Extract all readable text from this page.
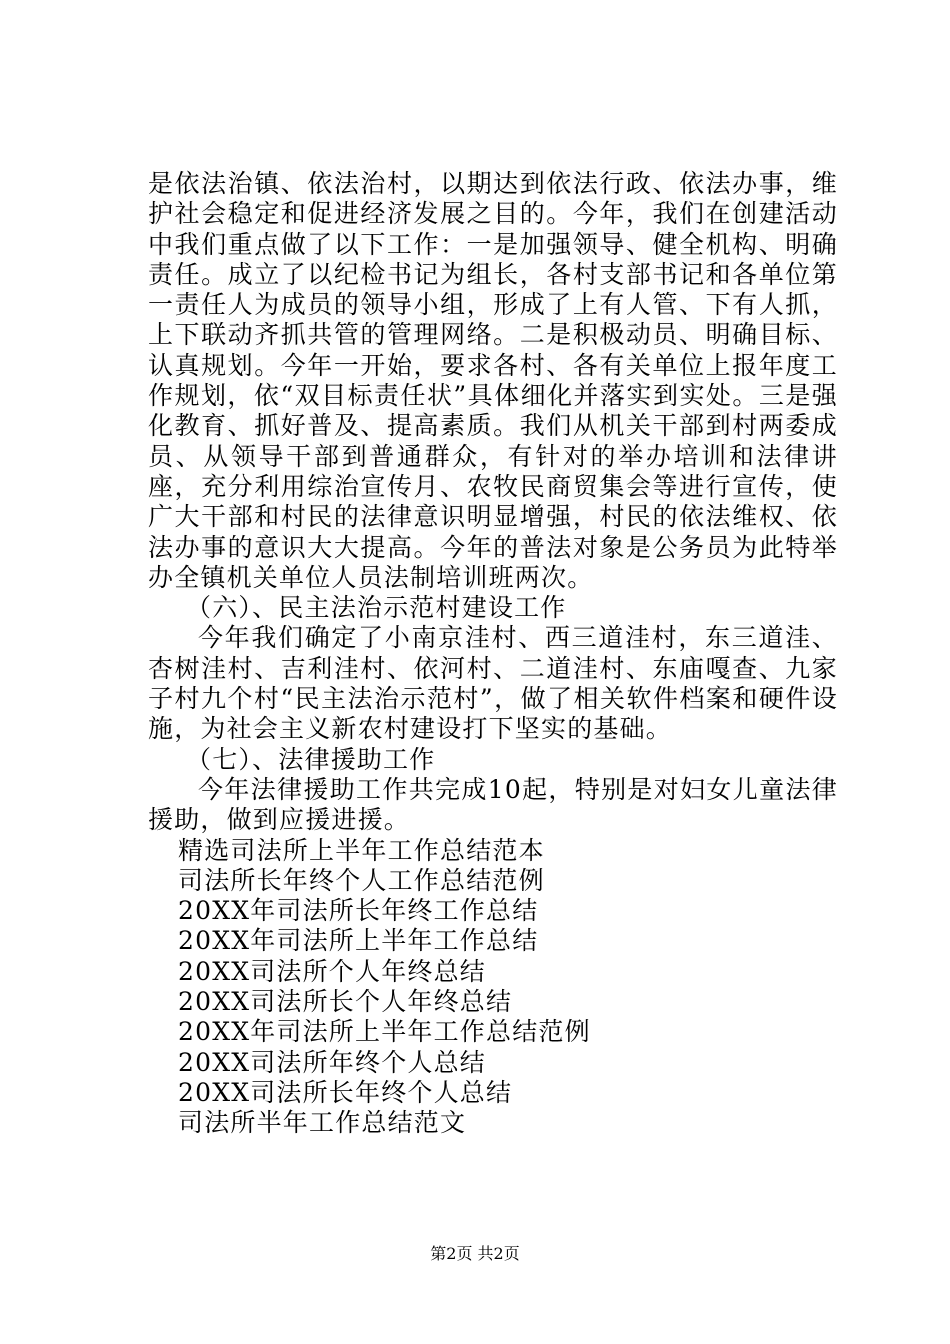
是依法治镇、依法治村，以期达到依法行政、依法办事，维护社会稳定和促进经济发展之目的。今年，我们在创建活动中我们重点做了以下工作：一是加强领导、健全机构、明确责任。成立了以纪检书记为组长，各村支部书记和各单位第一责任人为成员的领导小组，形成了上有人管、下有人抓，上下联动齐抓共管的管理网络。二是积极动员、明确目标、认真规划。今年一开始，要求各村、各有关单位上报年度工作规划，依“双目标责任状”具体细化并落实到实处。三是强化教育、抓好普及、提高素质。我们从机关干部到村两委成员、从领导干部到普通群众，有针对的举办培训和法律讲座，充分利用综治宣传月、农牧民商贸集会等进行宣传，使广大干部和村民的法律意识明显增强，村民的依法维权、依法办事的意识大大提高。今年的普法对象是公务员为此特举办全镇机关单位人员法制培训班两次。

（六）、民主法治示范村建设工作

今年我们确定了小南京洼村、西三道洼村，东三道洼、杏树洼村、吉利洼村、依河村、二道洼村、东庙嘎查、九家子村九个村“民主法治示范村”，做了相关软件档案和硬件设施，为社会主义新农村建设打下坚实的基础。

（七）、法律援助工作

今年法律援助工作共完成10起，特别是对妇女儿童法律援助，做到应援进援。

精选司法所上半年工作总结范本
司法所长年终个人工作总结范例
20XX年司法所长年终工作总结
20XX年司法所上半年工作总结
20XX司法所个人年终总结
20XX司法所长个人年终总结
20XX年司法所上半年工作总结范例
20XX司法所年终个人总结
20XX司法所长年终个人总结
司法所半年工作总结范文
第2页 共2页
